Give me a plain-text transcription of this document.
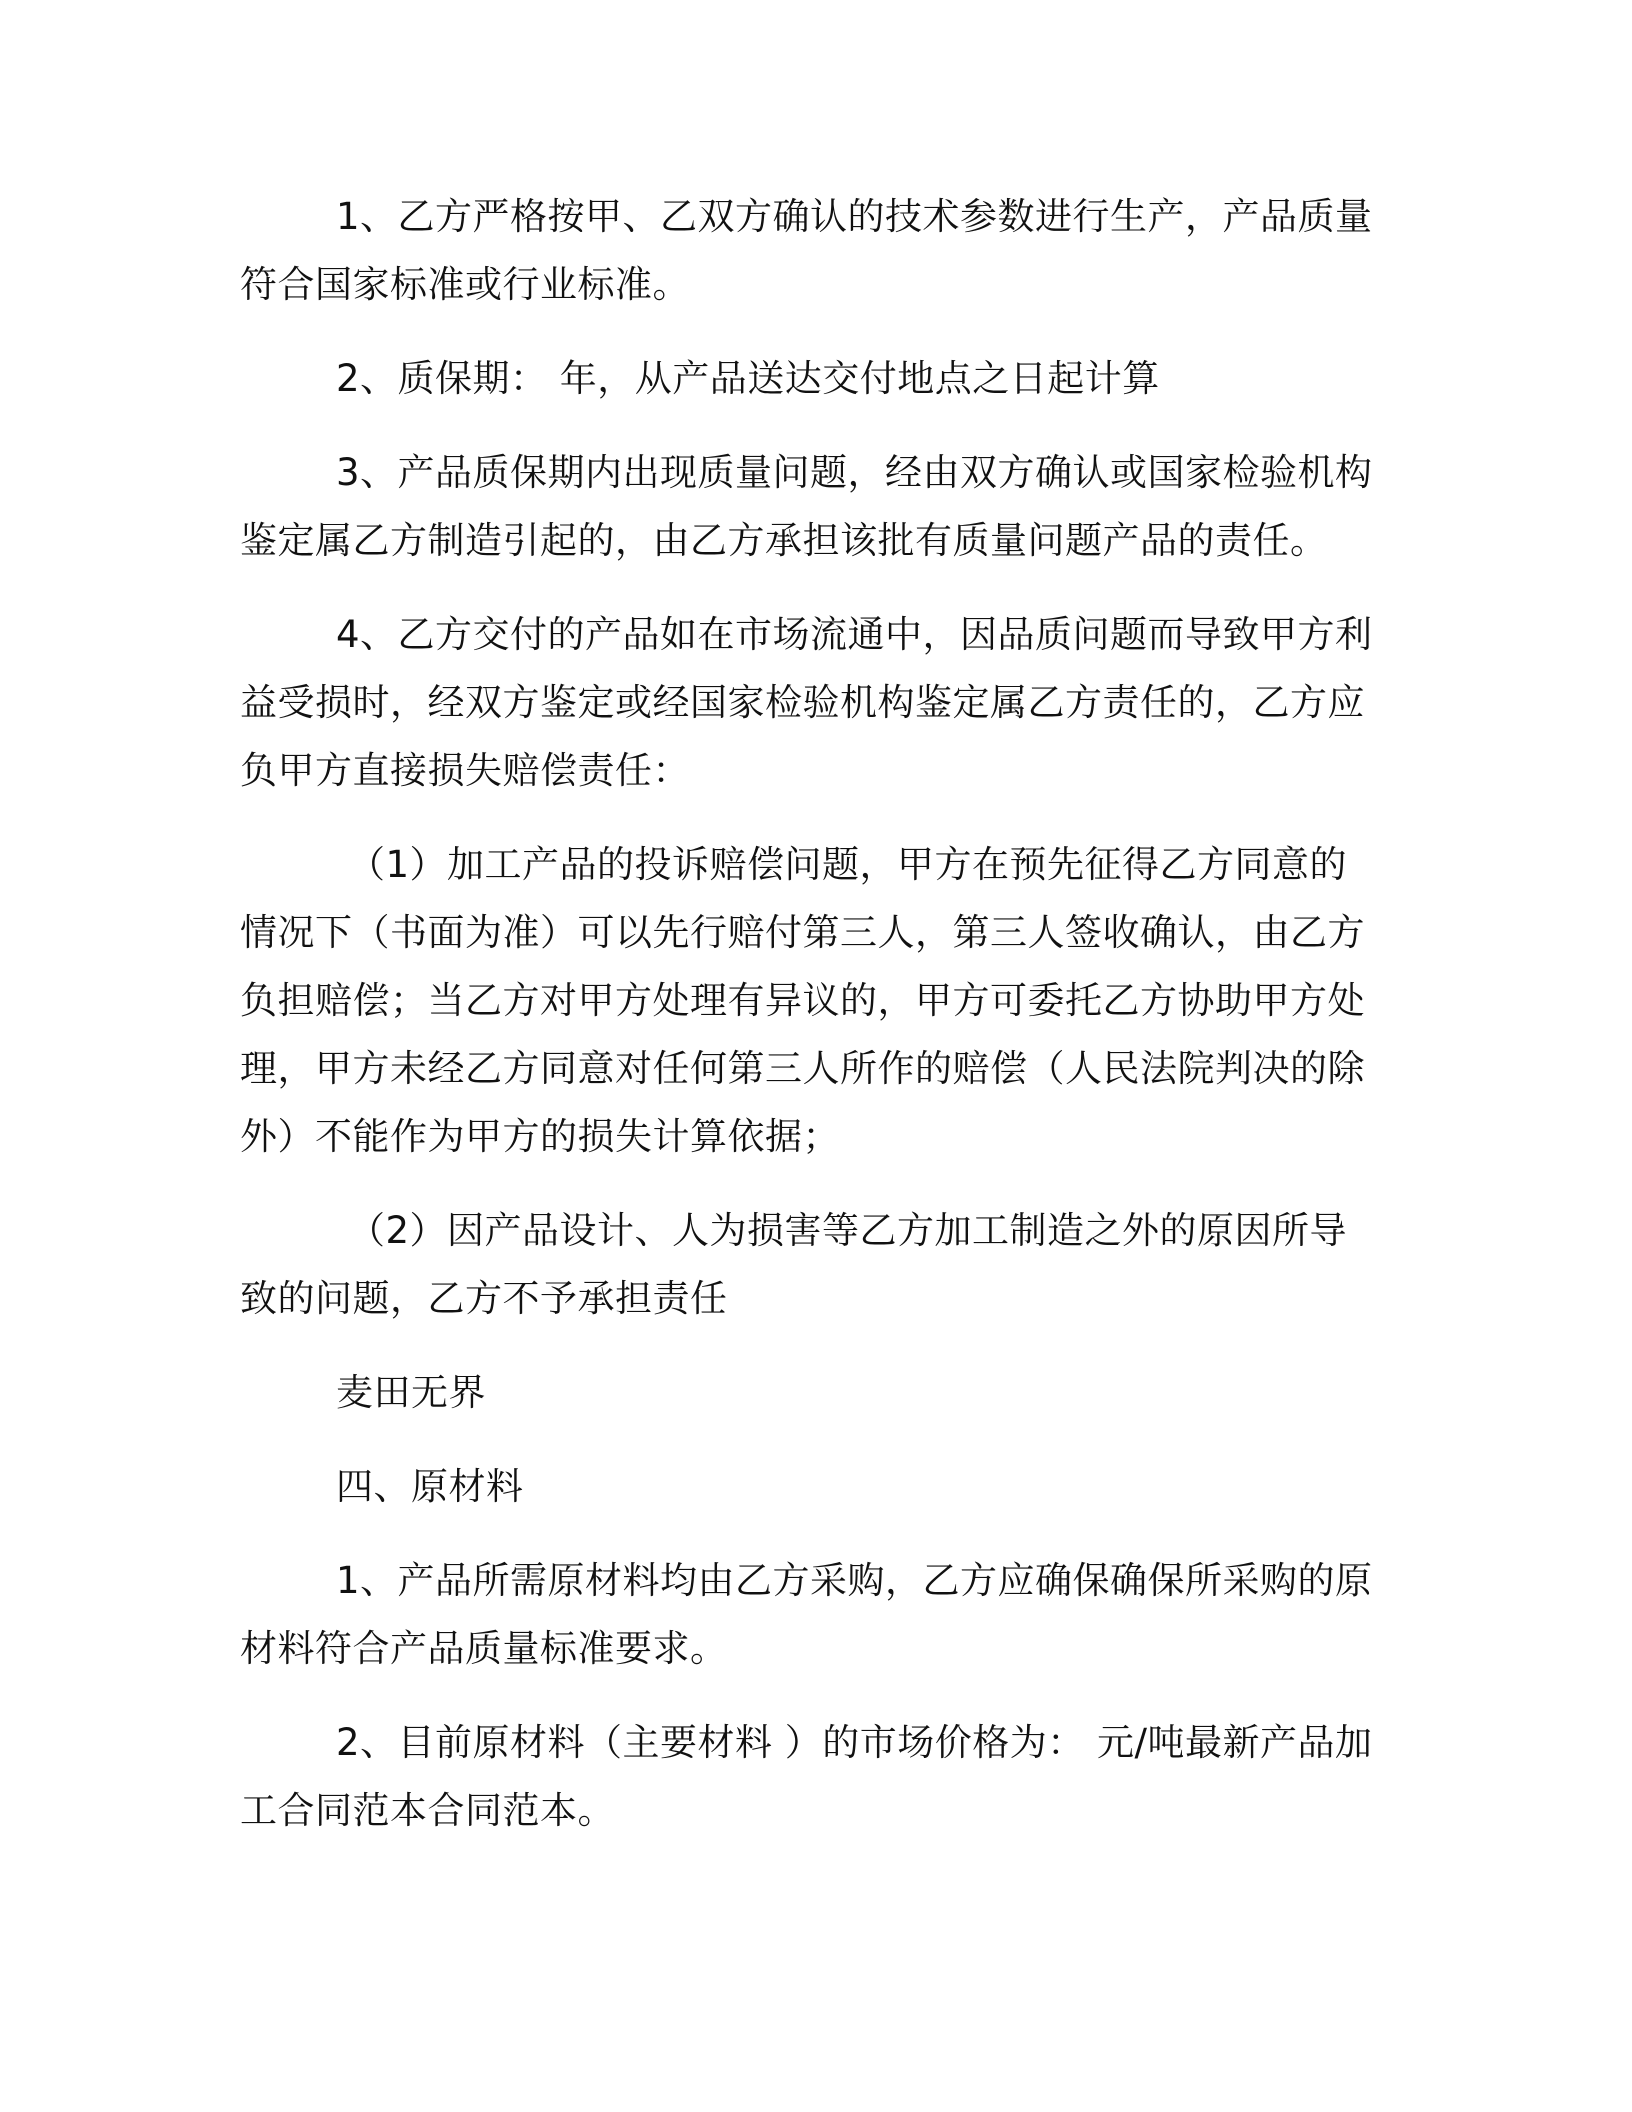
1、乙方严格按甲、乙双方确认的技术参数进行生产，产品质量符合国家标准或行业标准。

2、质保期： 年，从产品送达交付地点之日起计算

3、产品质保期内出现质量问题，经由双方确认或国家检验机构鉴定属乙方制造引起的，由乙方承担该批有质量问题产品的责任。

4、乙方交付的产品如在市场流通中，因品质问题而导致甲方利益受损时，经双方鉴定或经国家检验机构鉴定属乙方责任的，乙方应负甲方直接损失赔偿责任：

（1）加工产品的投诉赔偿问题，甲方在预先征得乙方同意的情况下（书面为准）可以先行赔付第三人，第三人签收确认，由乙方负担赔偿；当乙方对甲方处理有异议的，甲方可委托乙方协助甲方处理，甲方未经乙方同意对任何第三人所作的赔偿（人民法院判决的除外）不能作为甲方的损失计算依据；

（2）因产品设计、人为损害等乙方加工制造之外的原因所导致的问题，乙方不予承担责任

麦田无界

四、原材料

1、产品所需原材料均由乙方采购，乙方应确保确保所采购的原材料符合产品质量标准要求。

2、目前原材料（主要材料 ）的市场价格为： 元/吨最新产品加工合同范本合同范本。
